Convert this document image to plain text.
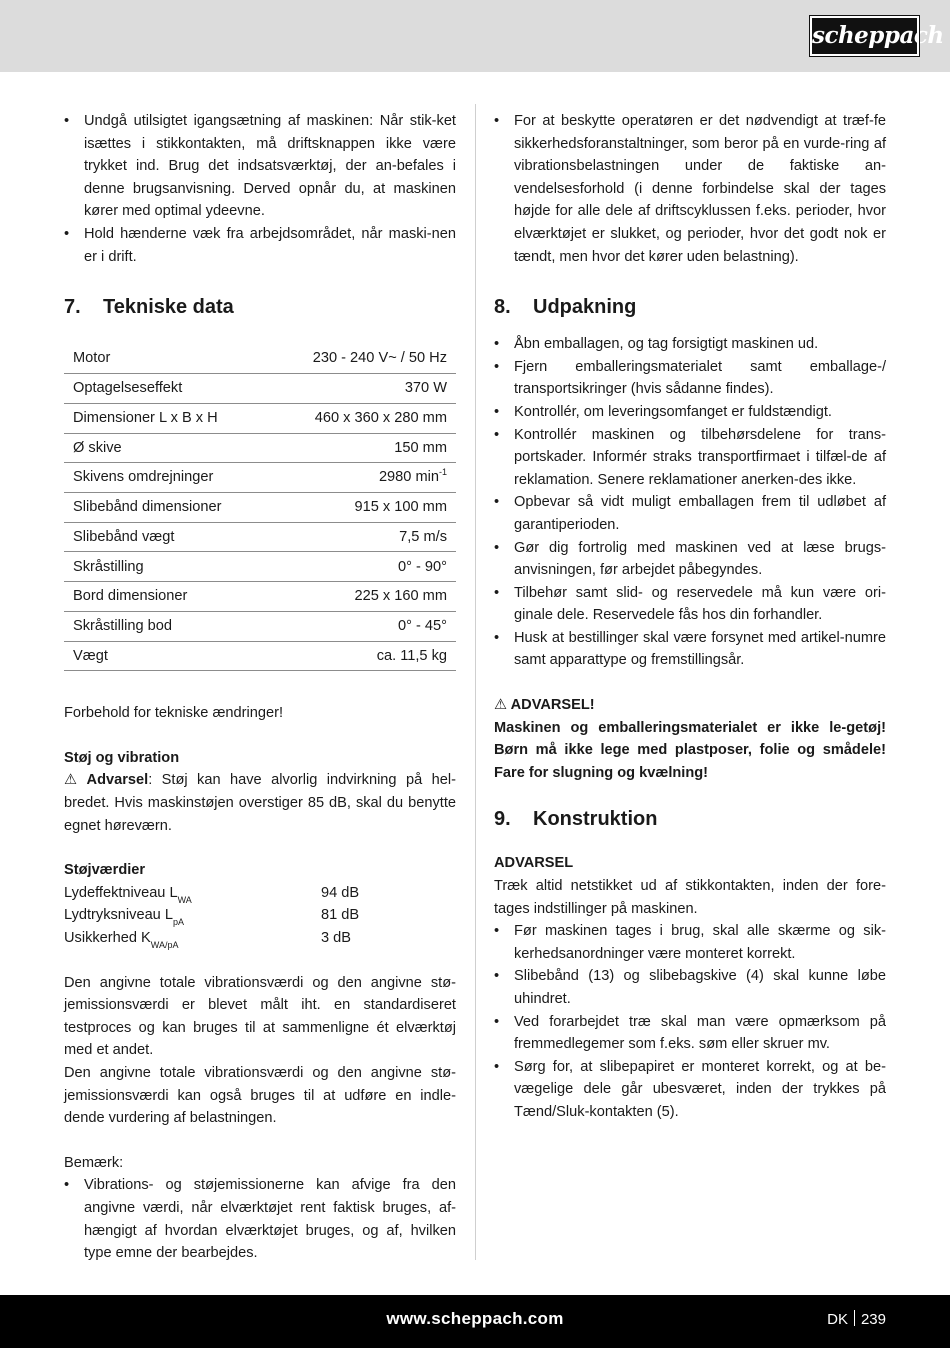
scheppach
• Undgå utilsigtet igangsætning af maskinen: Når stik-ket isættes i stikkontakten, må driftsknappen ikke være trykket ind. Brug det indsatsværktøj, der an-befales i denne brugsanvisning. Derved opnår du, at maskinen kører med optimal ydeevne.
• Hold hænderne væk fra arbejdsområdet, når maski-nen er i drift.
7.	Tekniske data
Motor	230 - 240 V~ / 50 Hz
Optagelseseffekt	370 W
Dimensioner L x B x H	460 x 360 x 280 mm
Ø skive	150 mm
Skivens omdrejninger	2980 $\min^{-1}$
Slibebånd dimensioner	915 x 100 mm
Slibebånd vægt	7,5 m/s
Skråstilling	0° - 90°
Bord dimensioner	225 x 160 mm
Skråstilling bod	0° - 45°
Vægt	ca. 11,5 kg

Forbehold for tekniske ændringer!

Støj og vibration

⚠ Advarsel: Støj kan have alvorlig indvirkning på hel-bredet. Hvis maskinstøjen overstiger 85 dB, skal du benytte egnet høreværn.

Støjværdier

Lydeffektniveau $L_{WA}$	94 dB
Lydtryksniveau $L_{pA}$	81 dB
Usikkerhed $K_{WA/pA}$	3 dB

Den angivne totale vibrationsværdi og den angivne stø-jemissionsværdi er blevet målt iht. en standardiseret testproces og kan bruges til at sammenligne ét elværktøj med et andet.

Den angivne totale vibrationsværdi og den angivne stø-jemissionsværdi kan også bruges til at udføre en indle-dende vurdering af belastningen.

Bemærk:

• Vibrations- og støjemissionerne kan afvige fra den angivne værdi, når elværktøjet rent faktisk bruges, af-hængigt af hvordan elværktøjet bruges, og af, hvilken type emne der bearbejdes.
• For at beskytte operatøren er det nødvendigt at træf-fe sikkerhedsforanstaltninger, som beror på en vurde-ring af vibrationsbelastningen under de faktiske an-vendelsesforhold (i denne forbindelse skal der tages højde for alle dele af driftscyklussen f.eks. perioder, hvor elværktøjet er slukket, og perioder, hvor det godt nok er tændt, men hvor det kører uden belastning).
8.	Udpakning
• Åbn emballagen, og tag forsigtigt maskinen ud.
• Fjern emballeringsmaterialet samt emballage-/ transportsikringer (hvis sådanne findes).
• Kontrollér, om leveringsomfanget er fuldstændigt.
• Kontrollér maskinen og tilbehørsdelene for trans-portskader. Informér straks transportfirmaet i tilfæl-de af reklamation. Senere reklamationer anerken-des ikke.
• Opbevar så vidt muligt emballagen frem til udløbet af garantiperioden.
• Gør dig fortrolig med maskinen ved at læse brugs-anvisningen, før arbejdet påbegyndes.
• Tilbehør samt slid- og reservedele må kun være ori-ginale dele. Reservedele fås hos din forhandler.
• Husk at bestillinger skal være forsynet med artikel-numre samt apparattype og fremstillingsår.

⚠ ADVARSEL!

Maskinen og emballeringsmaterialet er ikke le-getøj! Børn må ikke lege med plastposer, folie og smådele! Fare for slugning og kvælning!

9.	Konstruktion

ADVARSEL

Træk altid netstikket ud af stikkontakten, inden der fore-tages indstillinger på maskinen.

• Før maskinen tages i brug, skal alle skærme og sik-kerhedsanordninger være monteret korrekt.
• Slibebånd (13) og slibebagskive (4) skal kunne løbe uhindret.
• Ved forarbejdet træ skal man være opmærksom på fremmedlegemer som f.eks. søm eller skruer mv.
• Sørg for, at slibepapiret er monteret korrekt, og at be-vægelige dele går ubesværet, inden der trykkes på Tænd/Sluk-kontakten (5).
www.scheppach.com	DK 239
